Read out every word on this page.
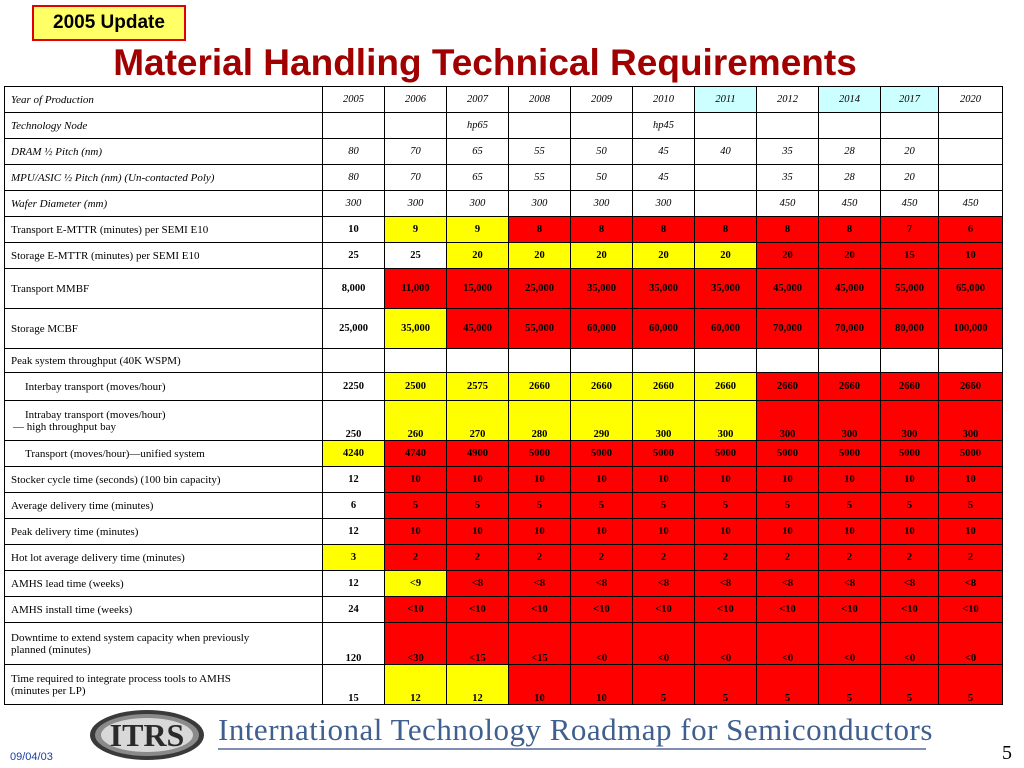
2005 Update
Material Handling Technical Requirements
Year of Production	2005	2006	2007	2008	2009	2010	2011	2012	2014	2017	2020

Technology Node			hp65			hp45					

DRAM ½ Pitch (nm)	80	70	65	55	50	45	40	35	28	20	

MPU/ASIC ½ Pitch (nm) (Un-contacted Poly)	80	70	65	55	50	45		35	28	20	

Wafer Diameter (mm)	300	300	300	300	300	300		450	450	450	450

Transport E-MTTR (minutes) per SEMI E10	10	9	9	8	8	8	8	8	8	7	6

Storage E-MTTR (minutes) per SEMI E10	25	25	20	20	20	20	20	20	20	15	10

Transport MMBF	8,000	11,000	15,000	25,000	35,000	35,000	35,000	45,000	45,000	55,000	65,000

Storage MCBF	25,000	35,000	45,000	55,000	60,000	60,000	60,000	70,000	70,000	80,000	100,000

Peak system throughput (40K WSPM)											

Interbay transport (moves/hour)	2250	2500	2575	2660	2660	2660	2660	2660	2660	2660	2660

Intrabay transport (moves/hour)
— high throughput bay	250	260	270	280	290	300	300	300	300	300	300

Transport (moves/hour)—unified system	4240	4740	4900	5000	5000	5000	5000	5000	5000	5000	5000

Stocker cycle time (seconds) (100 bin capacity)	12	10	10	10	10	10	10	10	10	10	10

Average delivery time (minutes)	6	5	5	5	5	5	5	5	5	5	5

Peak delivery time (minutes)	12	10	10	10	10	10	10	10	10	10	10

Hot lot average delivery time (minutes)	3	2	2	2	2	2	2	2	2	2	2

AMHS lead time (weeks)	12	<9	<8	<8	<8	<8	<8	<8	<8	<8	<8

AMHS install time (weeks)	24	<10	<10	<10	<10	<10	<10	<10	<10	<10	<10

Downtime to extend system capacity when previously
planned (minutes)	120	<30	<15	<15	<0	<0	<0	<0	<0	<0	<0

Time required to integrate process tools to AMHS
(minutes per LP)	15	12	12	10	10	5	5	5	5	5	5
ITRS International Technology Roadmap for Semiconductors
09/04/03	5
